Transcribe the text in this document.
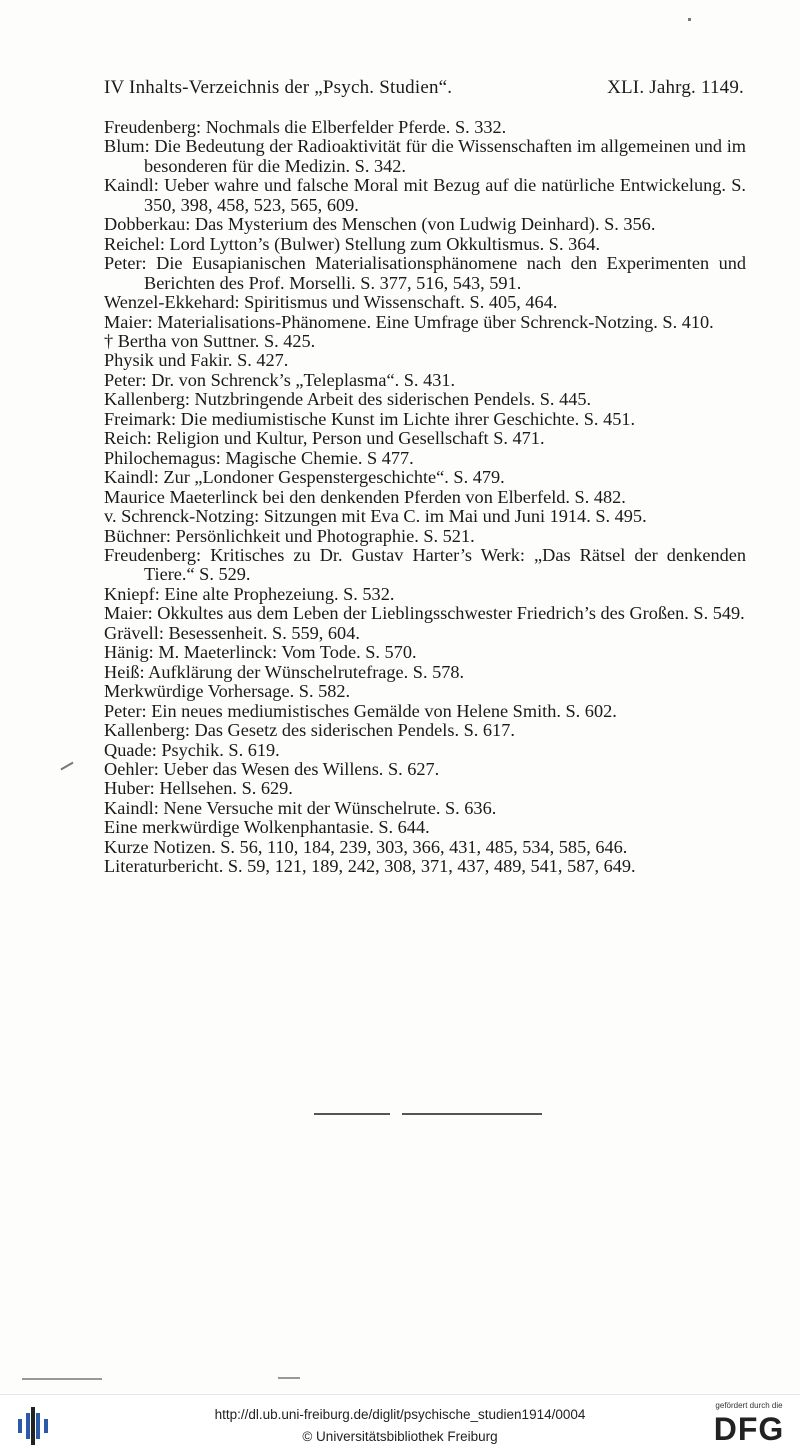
IV Inhalts-Verzeichnis der „Psych. Studien“.	XLI. Jahrg. 1149.
Freudenberg: Nochmals die Elberfelder Pferde. S. 332.
Blum: Die Bedeutung der Radioaktivität für die Wissenschaften im allgemeinen und im besonderen für die Medizin. S. 342.
Kaindl: Ueber wahre und falsche Moral mit Bezug auf die natürliche Entwickelung. S. 350, 398, 458, 523, 565, 609.
Dobberkau: Das Mysterium des Menschen (von Ludwig Deinhard). S. 356.
Reichel: Lord Lytton’s (Bulwer) Stellung zum Okkultismus. S. 364.
Peter: Die Eusapianischen Materialisationsphänomene nach den Experimenten und Berichten des Prof. Morselli. S. 377, 516, 543, 591.
Wenzel-Ekkehard: Spiritismus und Wissenschaft. S. 405, 464.
Maier: Materialisations-Phänomene. Eine Umfrage über Schrenck-Notzing. S. 410.
† Bertha von Suttner. S. 425.
Physik und Fakir. S. 427.
Peter: Dr. von Schrenck’s „Teleplasma“. S. 431.
Kallenberg: Nutzbringende Arbeit des siderischen Pendels. S. 445.
Freimark: Die mediumistische Kunst im Lichte ihrer Geschichte. S. 451.
Reich: Religion und Kultur, Person und Gesellschaft S. 471.
Philochemagus: Magische Chemie. S 477.
Kaindl: Zur „Londoner Gespenstergeschichte“. S. 479.
Maurice Maeterlinck bei den denkenden Pferden von Elberfeld. S. 482.
v. Schrenck-Notzing: Sitzungen mit Eva C. im Mai und Juni 1914. S. 495.
Büchner: Persönlichkeit und Photographie. S. 521.
Freudenberg: Kritisches zu Dr. Gustav Harter’s Werk: „Das Rätsel der denkenden Tiere.“ S. 529.
Kniepf: Eine alte Prophezeiung. S. 532.
Maier: Okkultes aus dem Leben der Lieblingsschwester Friedrich’s des Großen. S. 549.
Grävell: Besessenheit. S. 559, 604.
Hänig: M. Maeterlinck: Vom Tode. S. 570.
Heiß: Aufklärung der Wünschelrutefrage. S. 578.
Merkwürdige Vorhersage. S. 582.
Peter: Ein neues mediumistisches Gemälde von Helene Smith. S. 602.
Kallenberg: Das Gesetz des siderischen Pendels. S. 617.
Quade: Psychik. S. 619.
Oehler: Ueber das Wesen des Willens. S. 627.
Huber: Hellsehen. S. 629.
Kaindl: Nene Versuche mit der Wünschelrute. S. 636.
Eine merkwürdige Wolkenphantasie. S. 644.
Kurze Notizen. S. 56, 110, 184, 239, 303, 366, 431, 485, 534, 585, 646.
Literaturbericht. S. 59, 121, 189, 242, 308, 371, 437, 489, 541, 587, 649.
http://dl.ub.uni-freiburg.de/diglit/psychische_studien1914/0004
© Universitätsbibliothek Freiburg
gefördert durch die
DFG
